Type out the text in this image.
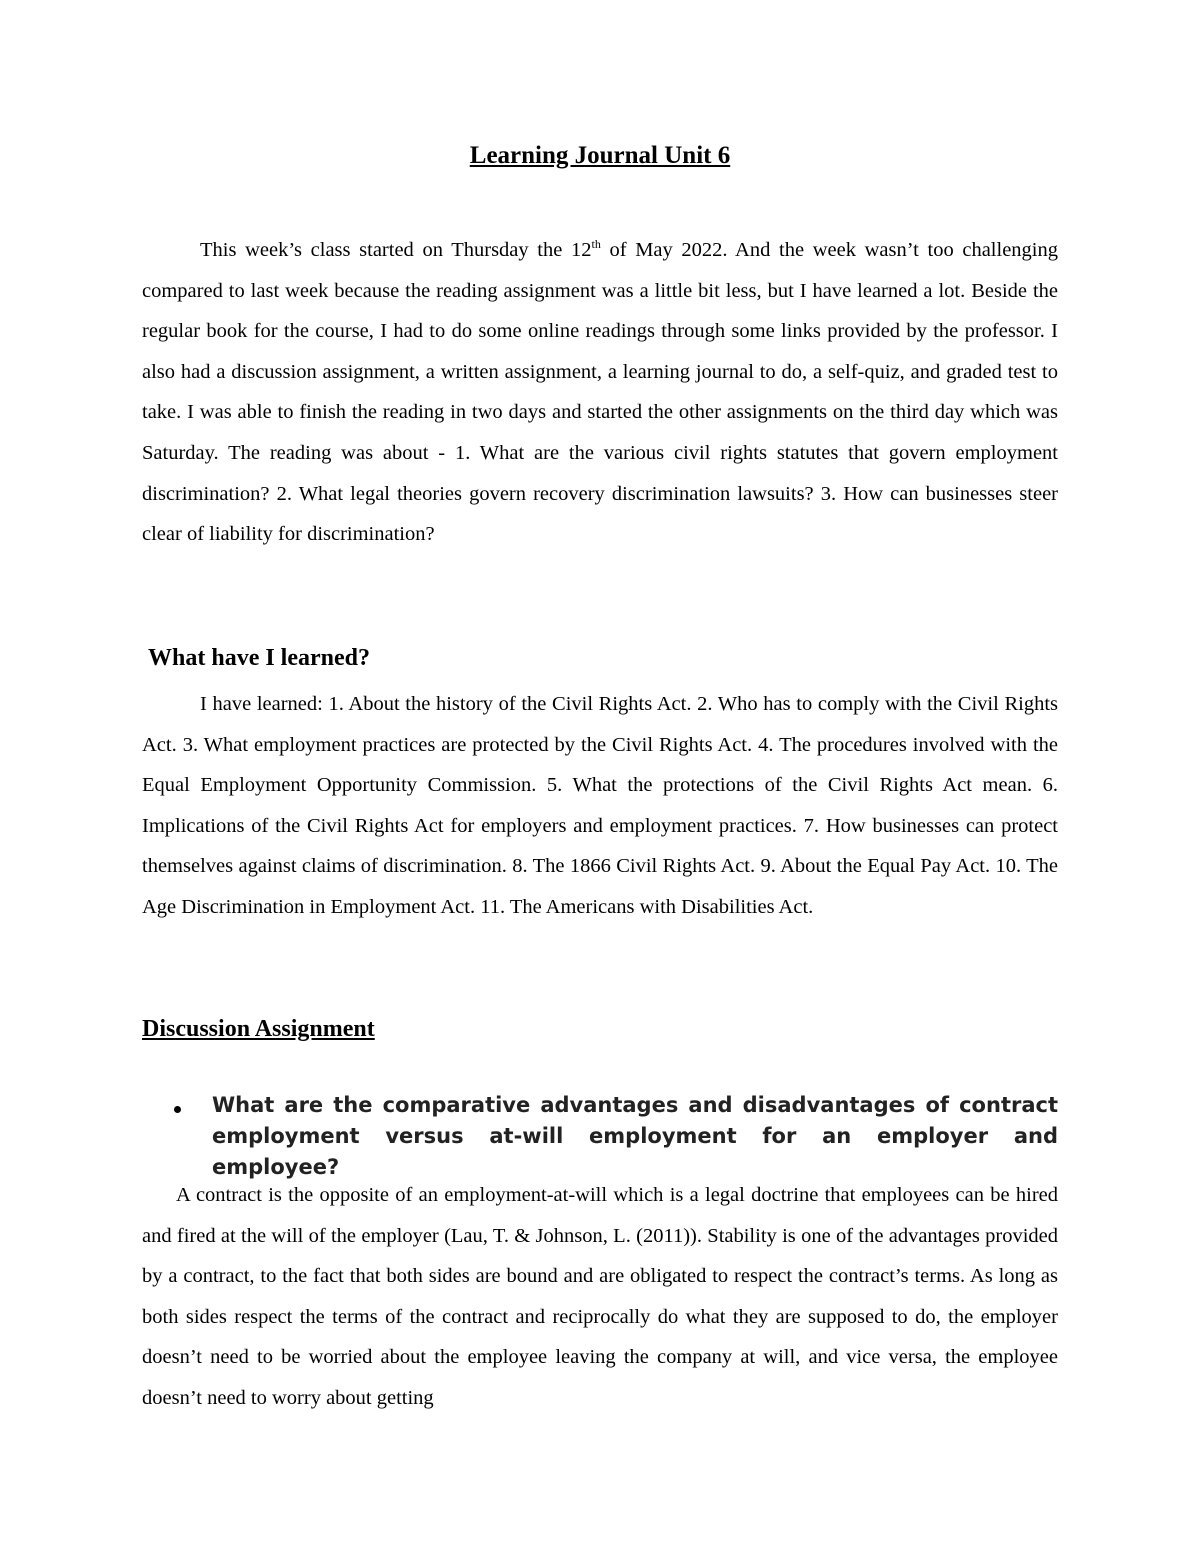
Learning Journal Unit 6

This week’s class started on Thursday the 12th of May 2022. And the week wasn’t too challenging compared to last week because the reading assignment was a little bit less, but I have learned a lot. Beside the regular book for the course, I had to do some online readings through some links provided by the professor. I also had a discussion assignment, a written assignment, a learning journal to do, a self-quiz, and graded test to take. I was able to finish the reading in two days and started the other assignments on the third day which was Saturday. The reading was about - 1. What are the various civil rights statutes that govern employment discrimination? 2. What legal theories govern recovery discrimination lawsuits? 3. How can businesses steer clear of liability for discrimination?

What have I learned?

I have learned: 1. About the history of the Civil Rights Act. 2. Who has to comply with the Civil Rights Act. 3. What employment practices are protected by the Civil Rights Act. 4. The procedures involved with the Equal Employment Opportunity Commission. 5. What the protections of the Civil Rights Act mean. 6. Implications of the Civil Rights Act for employers and employment practices. 7. How businesses can protect themselves against claims of discrimination. 8. The 1866 Civil Rights Act. 9. About the Equal Pay Act. 10. The Age Discrimination in Employment Act. 11. The Americans with Disabilities Act.

Discussion Assignment
What are the comparative advantages and disadvantages of contract employment versus at-will employment for an employer and employee?

A contract is the opposite of an employment-at-will which is a legal doctrine that employees can be hired and fired at the will of the employer (Lau, T. & Johnson, L. (2011)). Stability is one of the advantages provided by a contract, to the fact that both sides are bound and are obligated to respect the contract’s terms. As long as both sides respect the terms of the contract and reciprocally do what they are supposed to do, the employer doesn’t need to be worried about the employee leaving the company at will, and vice versa, the employee doesn’t need to worry about getting
